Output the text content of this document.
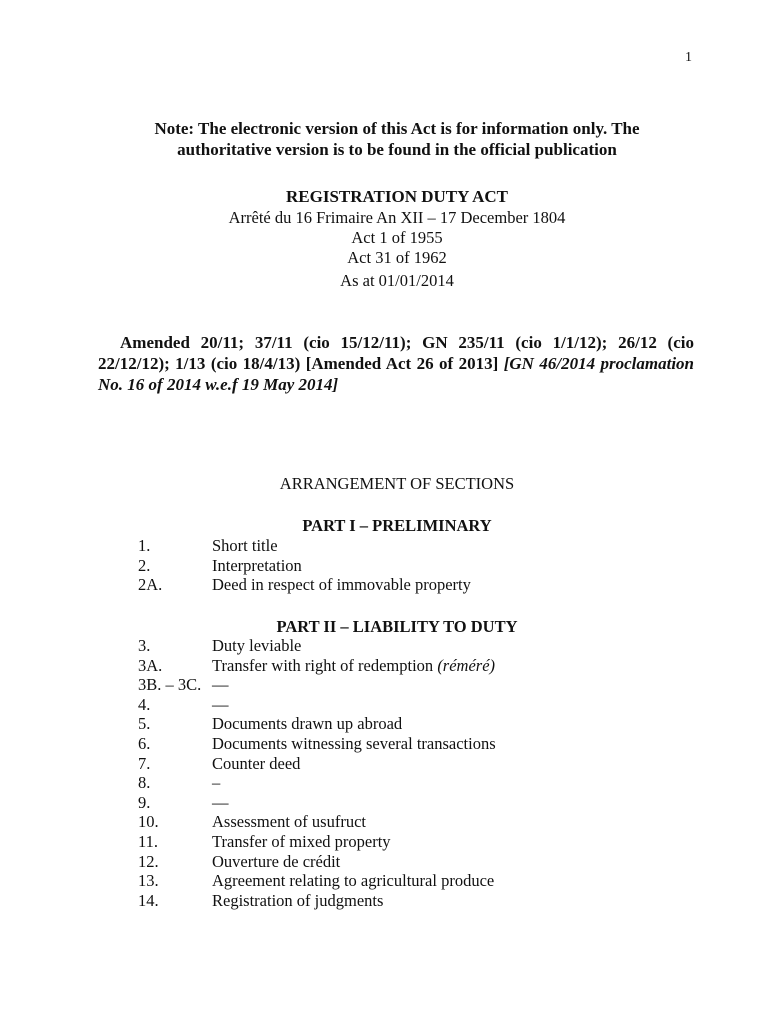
1
Note: The electronic version of this Act is for information only. The
authoritative version is to be found in the official publication
REGISTRATION DUTY ACT
Arrêté du 16 Frimaire An XII – 17 December 1804
Act 1 of 1955
Act 31 of 1962
As at 01/01/2014
Amended 20/11; 37/11 (cio 15/12/11); GN 235/11 (cio 1/1/12); 26/12 (cio 22/12/12); 1/13 (cio 18/4/13) [Amended Act 26 of 2013] [GN 46/2014 proclamation No. 16 of 2014 w.e.f 19 May 2014]
ARRANGEMENT OF SECTIONS
PART I – PRELIMINARY
1.	Short title
2.	Interpretation
2A.	Deed in respect of immovable property
PART II – LIABILITY TO DUTY
3.	Duty leviable
3A.	Transfer with right of redemption (réméré)
3B. – 3C. —
4.	—
5.	Documents drawn up abroad
6.	Documents witnessing several transactions
7.	Counter deed
8.	–
9.	—
10.	Assessment of usufruct
11.	Transfer of mixed property
12.	Ouverture de crédit
13.	Agreement relating to agricultural produce
14.	Registration of judgments
